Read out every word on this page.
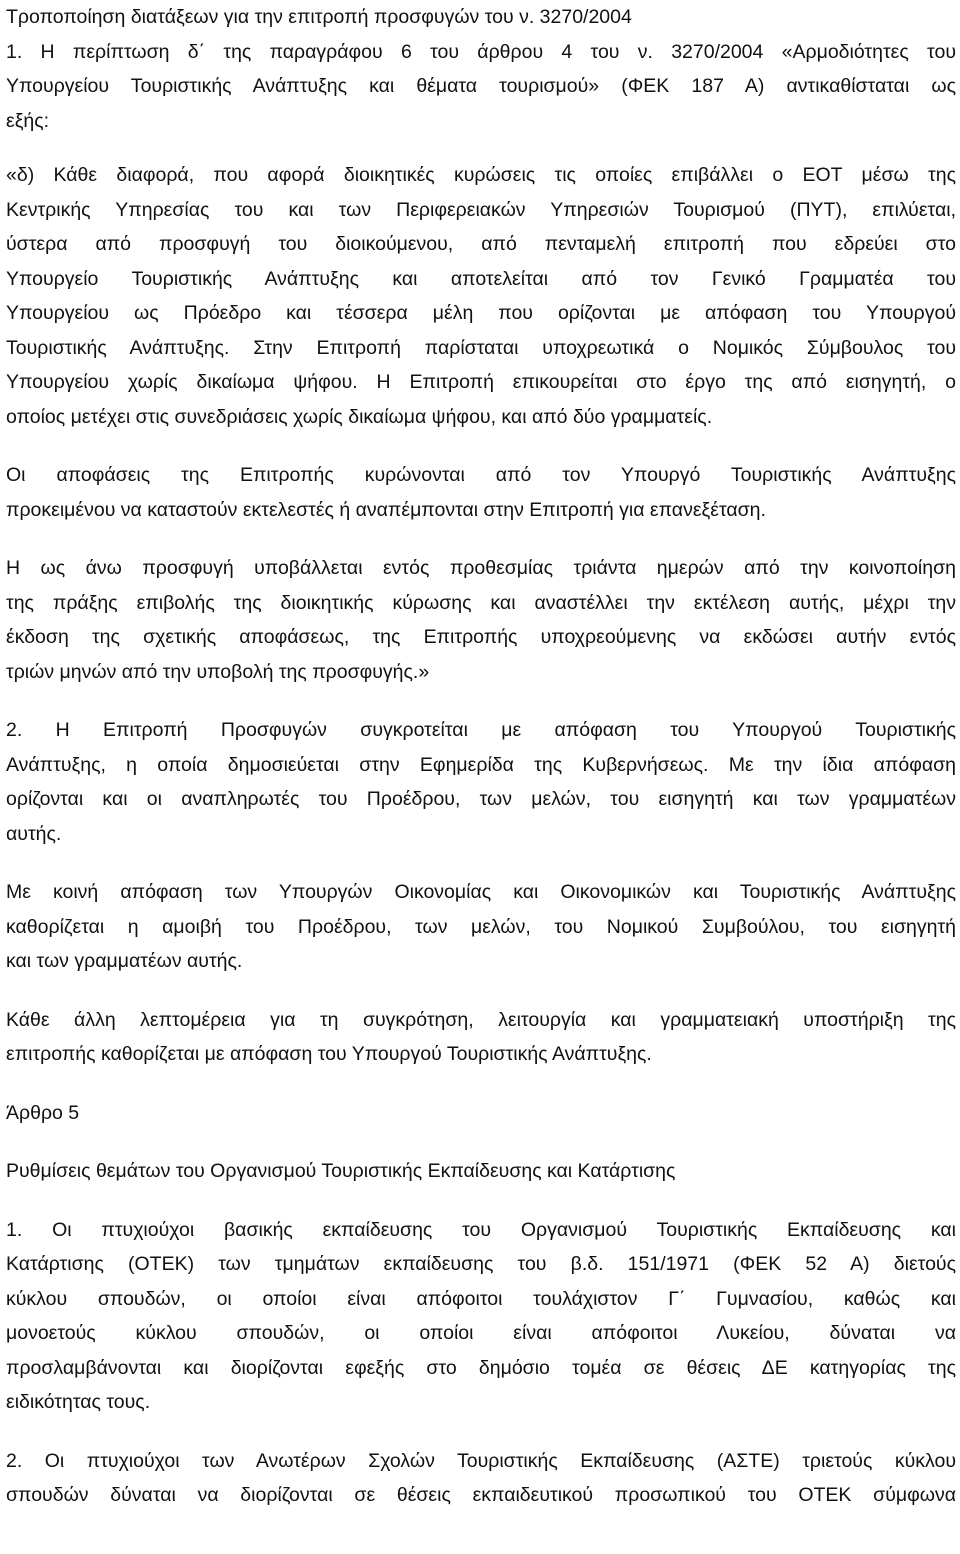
Τροποποίηση διατάξεων για την επιτροπή προσφυγών του ν. 3270/2004
1. Η περίπτωση δ΄ της παραγράφου 6 του άρθρου 4 του ν. 3270/2004 «Αρμοδιότητες του
Υπουργείου Τουριστικής Ανάπτυξης και θέματα τουρισμού» (ΦΕΚ 187 Α) αντικαθίσταται ως
εξής:
«δ) Κάθε διαφορά, που αφορά διοικητικές κυρώσεις τις οποίες επιβάλλει ο ΕΟΤ μέσω της
Κεντρικής Υπηρεσίας του και των Περιφερειακών Υπηρεσιών Τουρισμού (ΠΥΤ), επιλύεται,
ύστερα από προσφυγή του διοικούμενου, από πενταμελή επιτροπή που εδρεύει στο
Υπουργείο Τουριστικής Ανάπτυξης και αποτελείται από τον Γενικό Γραμματέα του
Υπουργείου ως Πρόεδρο και τέσσερα μέλη που ορίζονται με απόφαση του Υπουργού
Τουριστικής Ανάπτυξης. Στην Επιτροπή παρίσταται υποχρεωτικά ο Νομικός Σύμβουλος του
Υπουργείου χωρίς δικαίωμα ψήφου. Η Επιτροπή επικουρείται στο έργο της από εισηγητή, ο
οποίος μετέχει στις συνεδριάσεις χωρίς δικαίωμα ψήφου, και από δύο γραμματείς.
Οι αποφάσεις της Επιτροπής κυρώνονται από τον Υπουργό Τουριστικής Ανάπτυξης
προκειμένου να καταστούν εκτελεστές ή αναπέμπονται στην Επιτροπή για επανεξέταση.
Η ως άνω προσφυγή υποβάλλεται εντός προθεσμίας τριάντα ημερών από την κοινοποίηση
της πράξης επιβολής της διοικητικής κύρωσης και αναστέλλει την εκτέλεση αυτής, μέχρι την
έκδοση της σχετικής αποφάσεως, της Επιτροπής υποχρεούμενης να εκδώσει αυτήν εντός
τριών μηνών από την υποβολή της προσφυγής.»
2. Η Επιτροπή Προσφυγών συγκροτείται με απόφαση του Υπουργού Τουριστικής
Ανάπτυξης, η οποία δημοσιεύεται στην Εφημερίδα της Κυβερνήσεως. Με την ίδια απόφαση
ορίζονται και οι αναπληρωτές του Προέδρου, των μελών, του εισηγητή και των γραμματέων
αυτής.
Με κοινή απόφαση των Υπουργών Οικονομίας και Οικονομικών και Τουριστικής Ανάπτυξης
καθορίζεται η αμοιβή του Προέδρου, των μελών, του Νομικού Συμβούλου, του εισηγητή
και των γραμματέων αυτής.
Κάθε άλλη λεπτομέρεια για τη συγκρότηση, λειτουργία και γραμματειακή υποστήριξη της
επιτροπής καθορίζεται με απόφαση του Υπουργού Τουριστικής Ανάπτυξης.
Άρθρο 5
Ρυθμίσεις θεμάτων του Οργανισμού Τουριστικής Εκπαίδευσης και Κατάρτισης
1. Οι πτυχιούχοι βασικής εκπαίδευσης του Οργανισμού Τουριστικής Εκπαίδευσης και
Κατάρτισης (ΟΤΕΚ) των τμημάτων εκπαίδευσης του β.δ. 151/1971 (ΦΕΚ 52 Α) διετούς
κύκλου σπουδών, οι οποίοι είναι απόφοιτοι τουλάχιστον Γ΄ Γυμνασίου, καθώς και
μονοετούς κύκλου σπουδών, οι οποίοι είναι απόφοιτοι Λυκείου, δύναται να
προσλαμβάνονται και διορίζονται εφεξής στο δημόσιο τομέα σε θέσεις ΔΕ κατηγορίας της
ειδικότητας τους.
2. Οι πτυχιούχοι των Ανωτέρων Σχολών Τουριστικής Εκπαίδευσης (ΑΣΤΕ) τριετούς κύκλου
σπουδών δύναται να διορίζονται σε θέσεις εκπαιδευτικού προσωπικού του ΟΤΕΚ σύμφωνα
